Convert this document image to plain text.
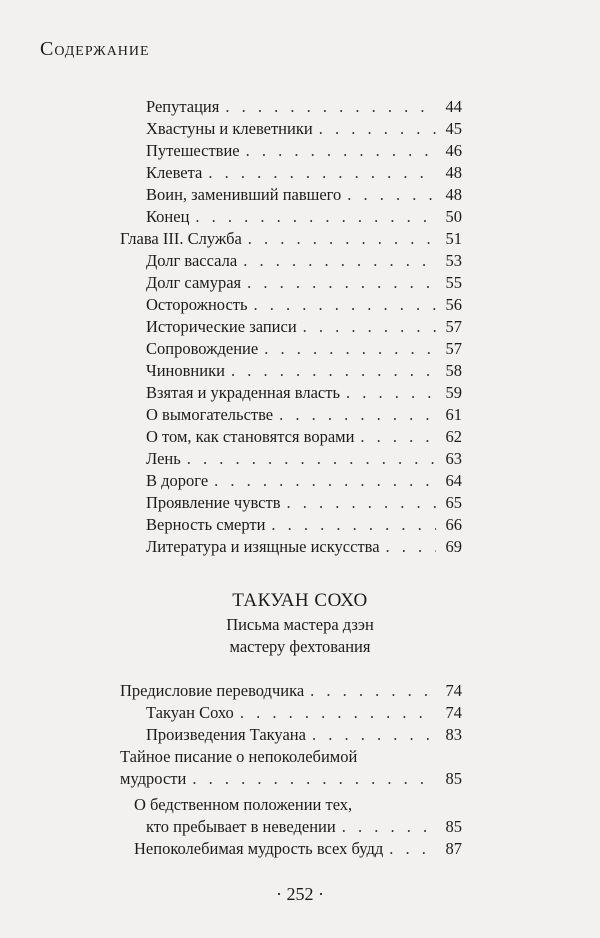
Содержание
Репутация . . .	44
Хвастуны и клеветники . . .	45
Путешествие . . .	46
Клевета . . .	48
Воин, заменивший павшего . . .	48
Конец . . .	50
Глава III. Служба . . .	51
Долг вассала . . .	53
Долг самурая . . .	55
Осторожность . . .	56
Исторические записи . . .	57
Сопровождение . . .	57
Чиновники . . .	58
Взятая и украденная власть . . .	59
О вымогательстве . . .	61
О том, как становятся ворами . . .	62
Лень . . .	63
В дороге . . .	64
Проявление чувств . . .	65
Верность смерти . . .	66
Литература и изящные искусства . . .	69
ТАКУАН СОХО
Письма мастера дзэн
мастеру фехтования
Предисловие переводчика . . .	74
Такуан Сохо . . .	74
Произведения Такуана . . .	83
Тайное писание о непоколебимой
мудрости . . .	85
О бедственном положении тех,
кто пребывает в неведении . . .	85
Непоколебимая мудрость всех будд . . .	87
· 252 ·
